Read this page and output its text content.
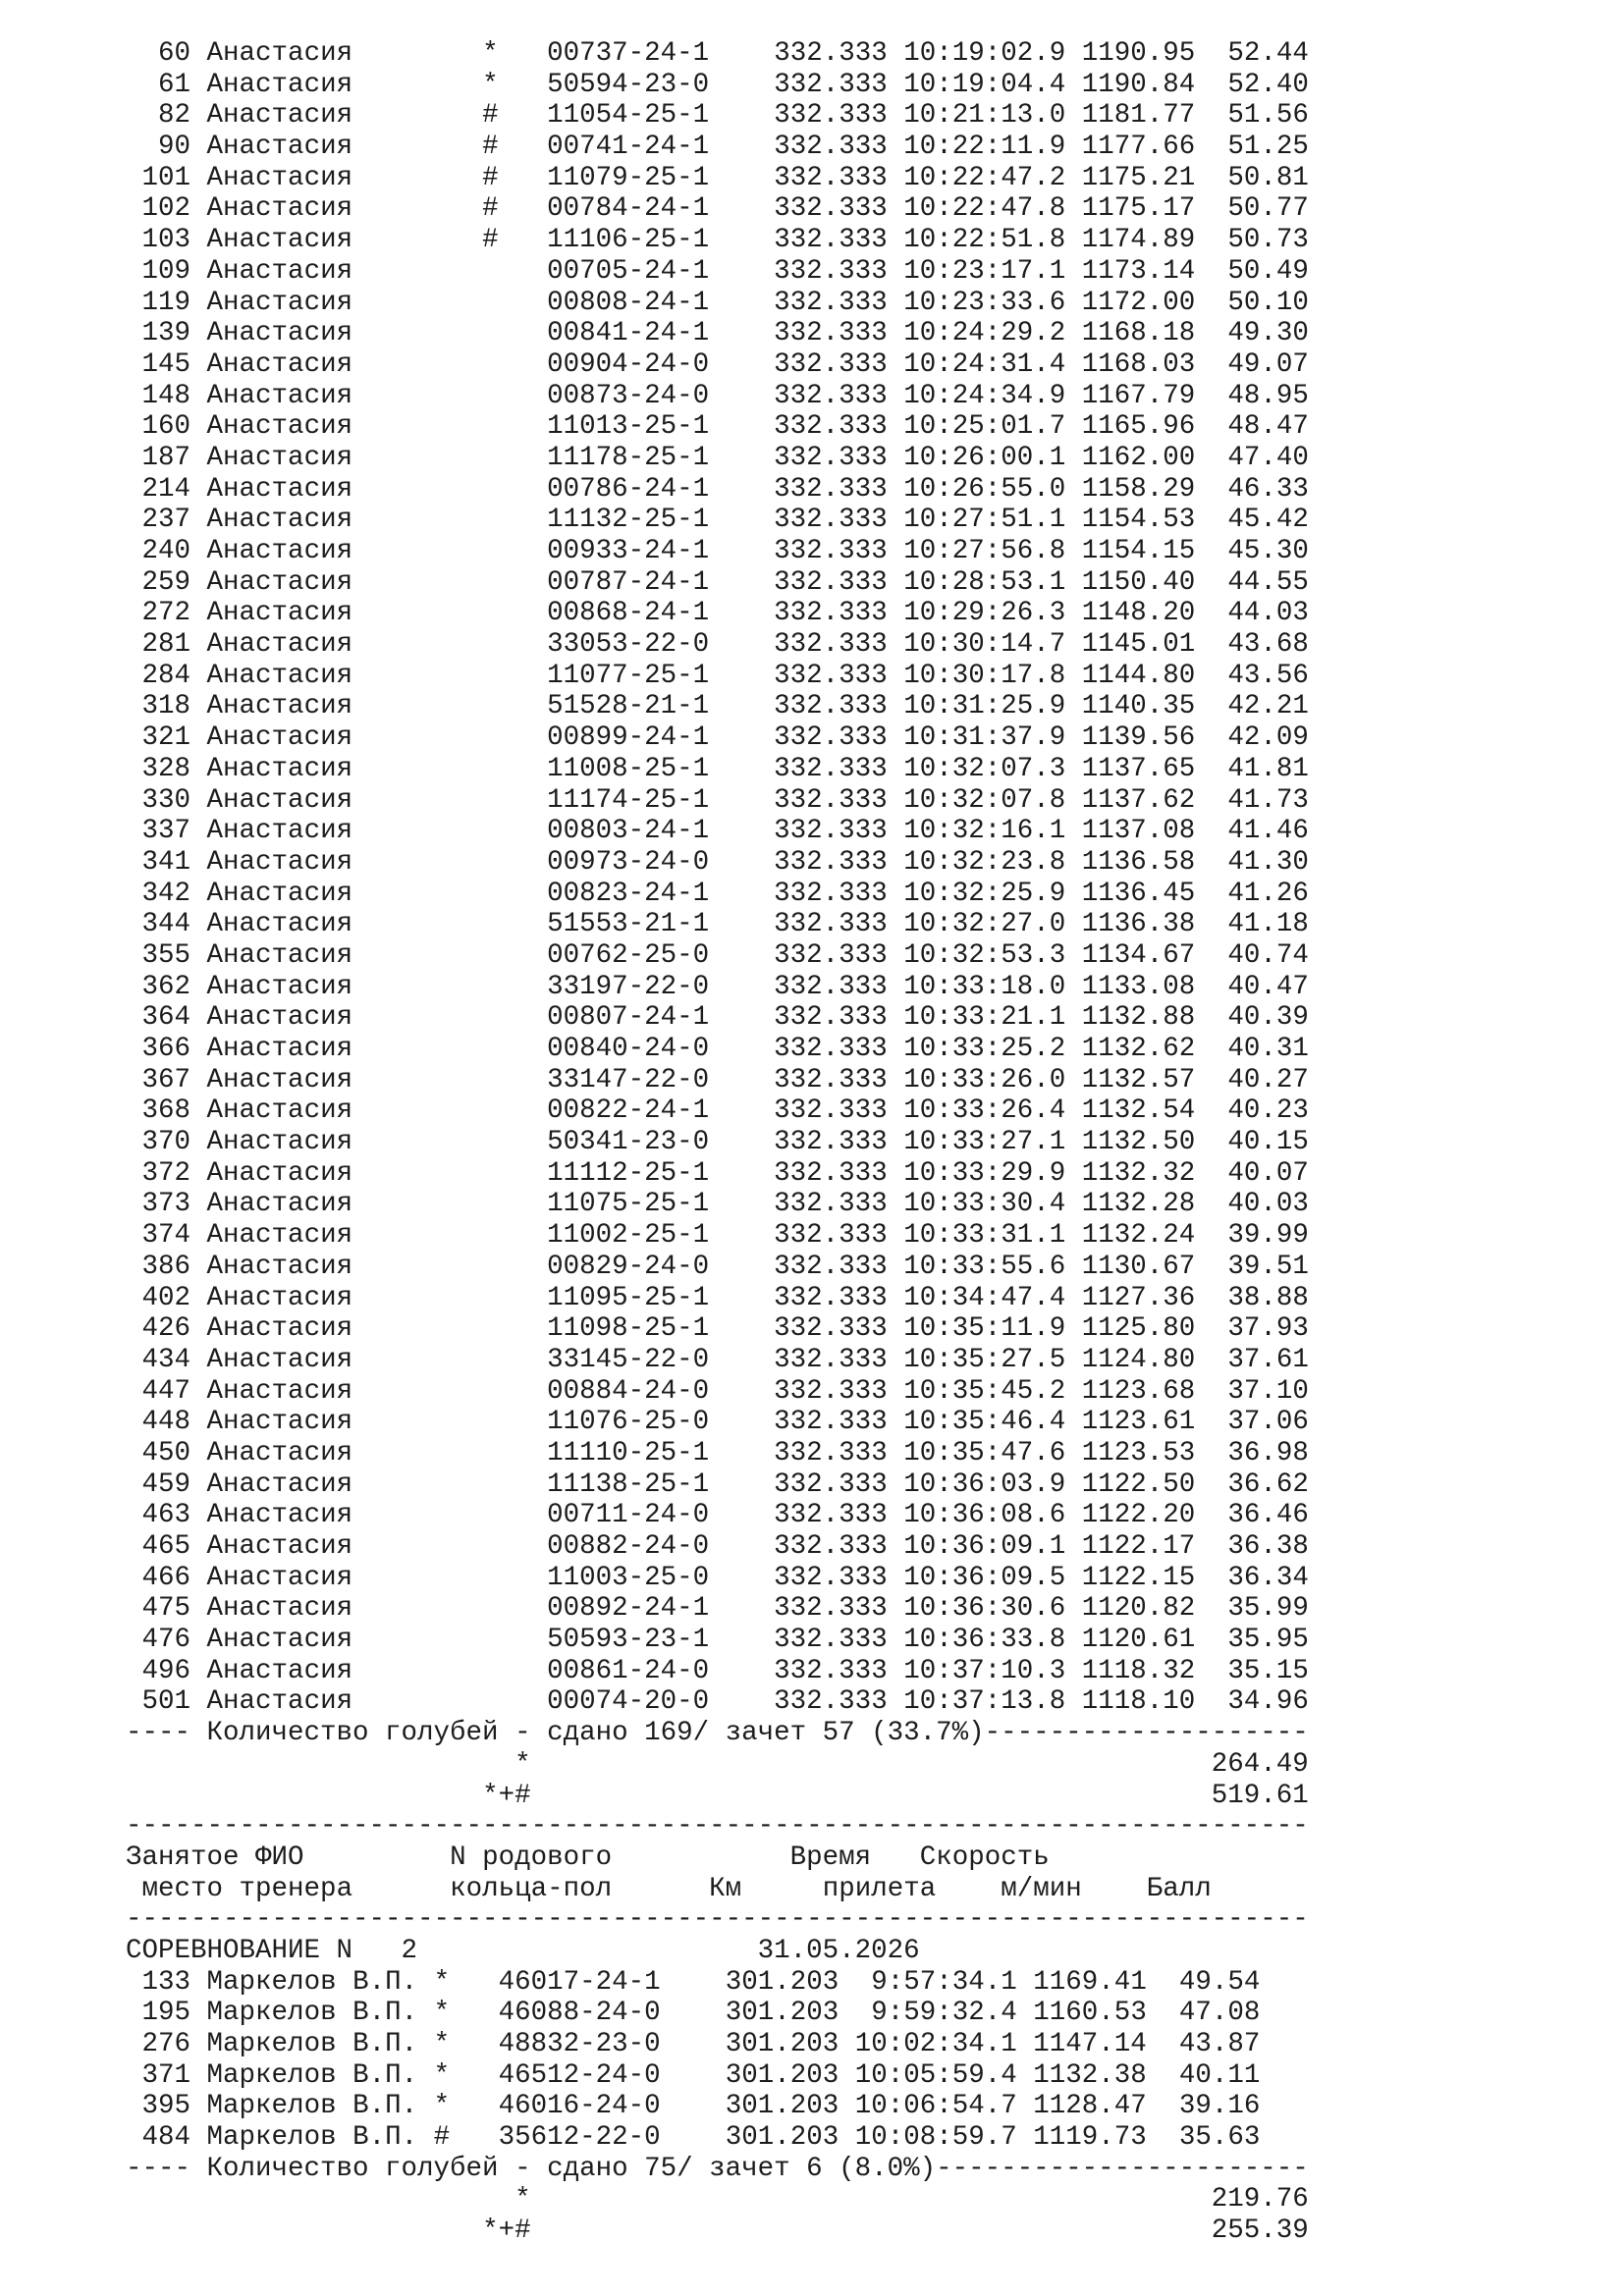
60 Анастасия	* 00737-24-1 332.333 10:19:02.9 1190.95 52.44
61 Анастасия	* 50594-23-0 332.333 10:19:04.4 1190.84 52.40
82 Анастасия	# 11054-25-1 332.333 10:21:13.0 1181.77 51.56
90 Анастасия	# 00741-24-1 332.333 10:22:11.9 1177.66 51.25
101 Анастасия	# 11079-25-1 332.333 10:22:47.2 1175.21 50.81
102 Анастасия	# 00784-24-1 332.333 10:22:47.8 1175.17 50.77
103 Анастасия	# 11106-25-1 332.333 10:22:51.8 1174.89 50.73
109 Анастасия	00705-24-1 332.333 10:23:17.1 1173.14 50.49
119 Анастасия	00808-24-1 332.333 10:23:33.6 1172.00 50.10
139 Анастасия	00841-24-1 332.333 10:24:29.2 1168.18 49.30
145 Анастасия	00904-24-0 332.333 10:24:31.4 1168.03 49.07
148 Анастасия	00873-24-0 332.333 10:24:34.9 1167.79 48.95
160 Анастасия	11013-25-1 332.333 10:25:01.7 1165.96 48.47
187 Анастасия	11178-25-1 332.333 10:26:00.1 1162.00 47.40
214 Анастасия	00786-24-1 332.333 10:26:55.0 1158.29 46.33
237 Анастасия	11132-25-1 332.333 10:27:51.1 1154.53 45.42
240 Анастасия	00933-24-1 332.333 10:27:56.8 1154.15 45.30
259 Анастасия	00787-24-1 332.333 10:28:53.1 1150.40 44.55
272 Анастасия	00868-24-1 332.333 10:29:26.3 1148.20 44.03
281 Анастасия	33053-22-0 332.333 10:30:14.7 1145.01 43.68
284 Анастасия	11077-25-1 332.333 10:30:17.8 1144.80 43.56
318 Анастасия	51528-21-1 332.333 10:31:25.9 1140.35 42.21
321 Анастасия	00899-24-1 332.333 10:31:37.9 1139.56 42.09
328 Анастасия	11008-25-1 332.333 10:32:07.3 1137.65 41.81
330 Анастасия	11174-25-1 332.333 10:32:07.8 1137.62 41.73
337 Анастасия	00803-24-1 332.333 10:32:16.1 1137.08 41.46
341 Анастасия	00973-24-0 332.333 10:32:23.8 1136.58 41.30
342 Анастасия	00823-24-1 332.333 10:32:25.9 1136.45 41.26
344 Анастасия	51553-21-1 332.333 10:32:27.0 1136.38 41.18
355 Анастасия	00762-25-0 332.333 10:32:53.3 1134.67 40.74
362 Анастасия	33197-22-0 332.333 10:33:18.0 1133.08 40.47
364 Анастасия	00807-24-1 332.333 10:33:21.1 1132.88 40.39
366 Анастасия	00840-24-0 332.333 10:33:25.2 1132.62 40.31
367 Анастасия	33147-22-0 332.333 10:33:26.0 1132.57 40.27
368 Анастасия	00822-24-1 332.333 10:33:26.4 1132.54 40.23
370 Анастасия	50341-23-0 332.333 10:33:27.1 1132.50 40.15
372 Анастасия	11112-25-1 332.333 10:33:29.9 1132.32 40.07
373 Анастасия	11075-25-1 332.333 10:33:30.4 1132.28 40.03
374 Анастасия	11002-25-1 332.333 10:33:31.1 1132.24 39.99
386 Анастасия	00829-24-0 332.333 10:33:55.6 1130.67 39.51
402 Анастасия	11095-25-1 332.333 10:34:47.4 1127.36 38.88
426 Анастасия	11098-25-1 332.333 10:35:11.9 1125.80 37.93
434 Анастасия	33145-22-0 332.333 10:35:27.5 1124.80 37.61
447 Анастасия	00884-24-0 332.333 10:35:45.2 1123.68 37.10
448 Анастасия	11076-25-0 332.333 10:35:46.4 1123.61 37.06
450 Анастасия	11110-25-1 332.333 10:35:47.6 1123.53 36.98
459 Анастасия	11138-25-1 332.333 10:36:03.9 1122.50 36.62
463 Анастасия	00711-24-0 332.333 10:36:08.6 1122.20 36.46
465 Анастасия	00882-24-0 332.333 10:36:09.1 1122.17 36.38
466 Анастасия	11003-25-0 332.333 10:36:09.5 1122.15 36.34
475 Анастасия	00892-24-1 332.333 10:36:30.6 1120.82 35.99
476 Анастасия	50593-23-1 332.333 10:36:33.8 1120.61 35.95
496 Анастасия	00861-24-0 332.333 10:37:10.3 1118.32 35.15
501 Анастасия	00074-20-0 332.333 10:37:13.8 1118.10 34.96
---- Количество голубей - сдано 169/ зачет 57 (33.7%)--------------------
*	264.49
*+#	519.61
-------------------------------------------------------------------------
Занятое ФИО	N родового	Время Скорость
место тренера	кольца-пол	Км	прилета м/мин Балл
-------------------------------------------------------------------------
СОРЕВНОВАНИЕ N   2	31.05.2026
133 Маркелов В.П. * 46017-24-1 301.203 9:57:34.1 1169.41 49.54
195 Маркелов В.П. * 46088-24-0 301.203 9:59:32.4 1160.53 47.08
276 Маркелов В.П. * 48832-23-0 301.203 10:02:34.1 1147.14 43.87
371 Маркелов В.П. * 46512-24-0 301.203 10:05:59.4 1132.38 40.11
395 Маркелов В.П. * 46016-24-0 301.203 10:06:54.7 1128.47 39.16
484 Маркелов В.П. # 35612-22-0 301.203 10:08:59.7 1119.73 35.63
---- Количество голубей - сдано 75/ зачет 6 (8.0%)-----------------------
*	219.76
*+#	255.39
